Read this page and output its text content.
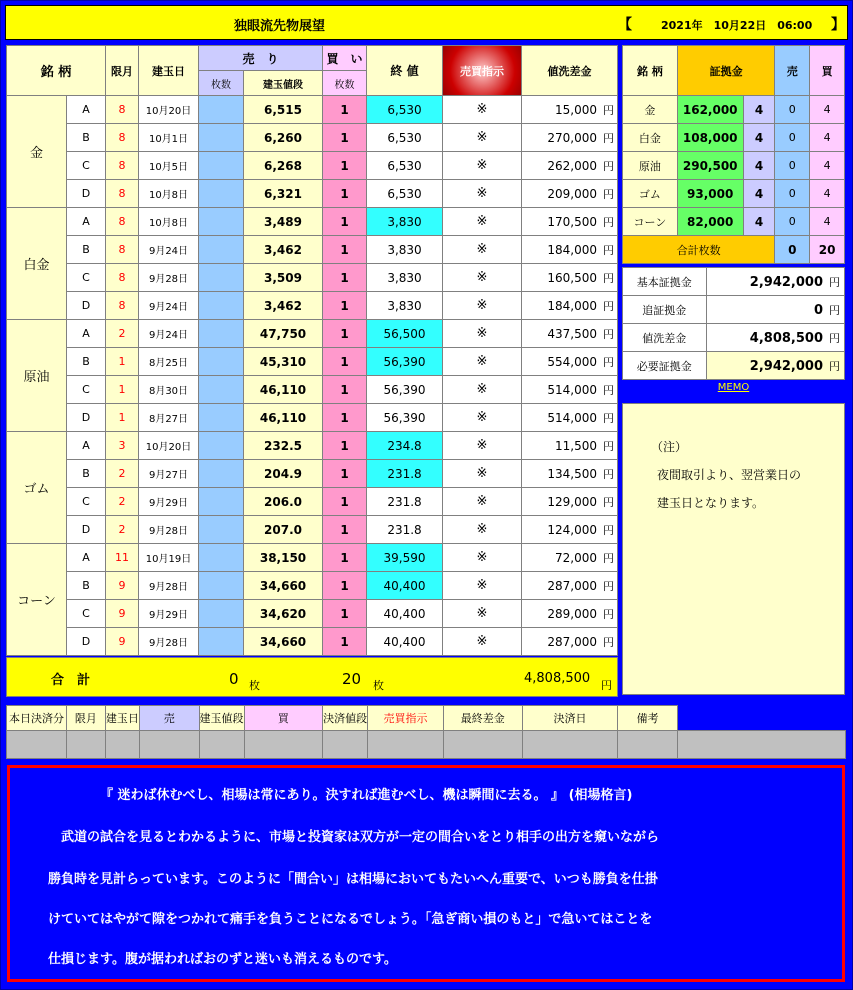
独眼流先物展望	【	2021年　10月22日　06:00 】
銘 柄		限月	建玉日	売　り		買　い	終 値	売買指示	値洗差金
				枚数	建玉値段	枚数			
金	A	8	10月20日		6,515	1	6,530	※	15,000 円
	B	8	10月1日		6,260	1	6,530	※	270,000 円
	C	8	10月5日		6,268	1	6,530	※	262,000 円
	D	8	10月8日		6,321	1	6,530	※	209,000 円
白金	A	8	10月8日		3,489	1	3,830	※	170,500 円
	B	8	9月24日		3,462	1	3,830	※	184,000 円
	C	8	9月28日		3,509	1	3,830	※	160,500 円
	D	8	9月24日		3,462	1	3,830	※	184,000 円
原油	A	2	9月24日		47,750	1	56,500	※	437,500 円
	B	1	8月25日		45,310	1	56,390	※	554,000 円
	C	1	8月30日		46,110	1	56,390	※	514,000 円
	D	1	8月27日		46,110	1	56,390	※	514,000 円
ゴム	A	3	10月20日		232.5	1	234.8	※	11,500 円
	B	2	9月27日		204.9	1	231.8	※	134,500 円
	C	2	9月29日		206.0	1	231.8	※	129,000 円
	D	2	9月28日		207.0	1	231.8	※	124,000 円
コーン	A	11	10月19日		38,150	1	39,590	※	72,000 円
	B	9	9月28日		34,660	1	40,400	※	287,000 円
	C	9	9月29日		34,620	1	40,400	※	289,000 円
	D	9	9月28日		34,660	1	40,400	※	287,000 円
合　計	0 枚	20 枚	4,808,500 円
銘 柄	証拠金		売	買
金	162,000	4	0	4
白金	108,000	4	0	4
原油	290,500	4	0	4
ゴム	93,000	4	0	4
コーン	82,000	4	0	4
合計枚数			0	20
基本証拠金	2,942,000 円
追証拠金	0 円
値洗差金	4,808,500 円
必要証拠金	2,942,000 円
MEMO
（注）
夜間取引より、翌営業日の
建玉日となります。
本日決済分	限月	建玉日	売	建玉値段	買	決済値段	売買指示	最終差金	決済日	備考	

『 迷わば休むべし、相場は常にあり。決すれば進むべし、機は瞬間に去る。 』 (相場格言)
　武道の試合を見るとわかるように、市場と投資家は双方が一定の間合いをとり相手の出方を窺いながら
勝負時を見計らっています。このように「間合い」は相場においてもたいへん重要で、いつも勝負を仕掛
けていてはやがて隙をつかれて痛手を負うことになるでしょう。「急ぎ商い損のもと」で急いてはことを
仕損じます。腹が据わればおのずと迷いも消えるものです。
